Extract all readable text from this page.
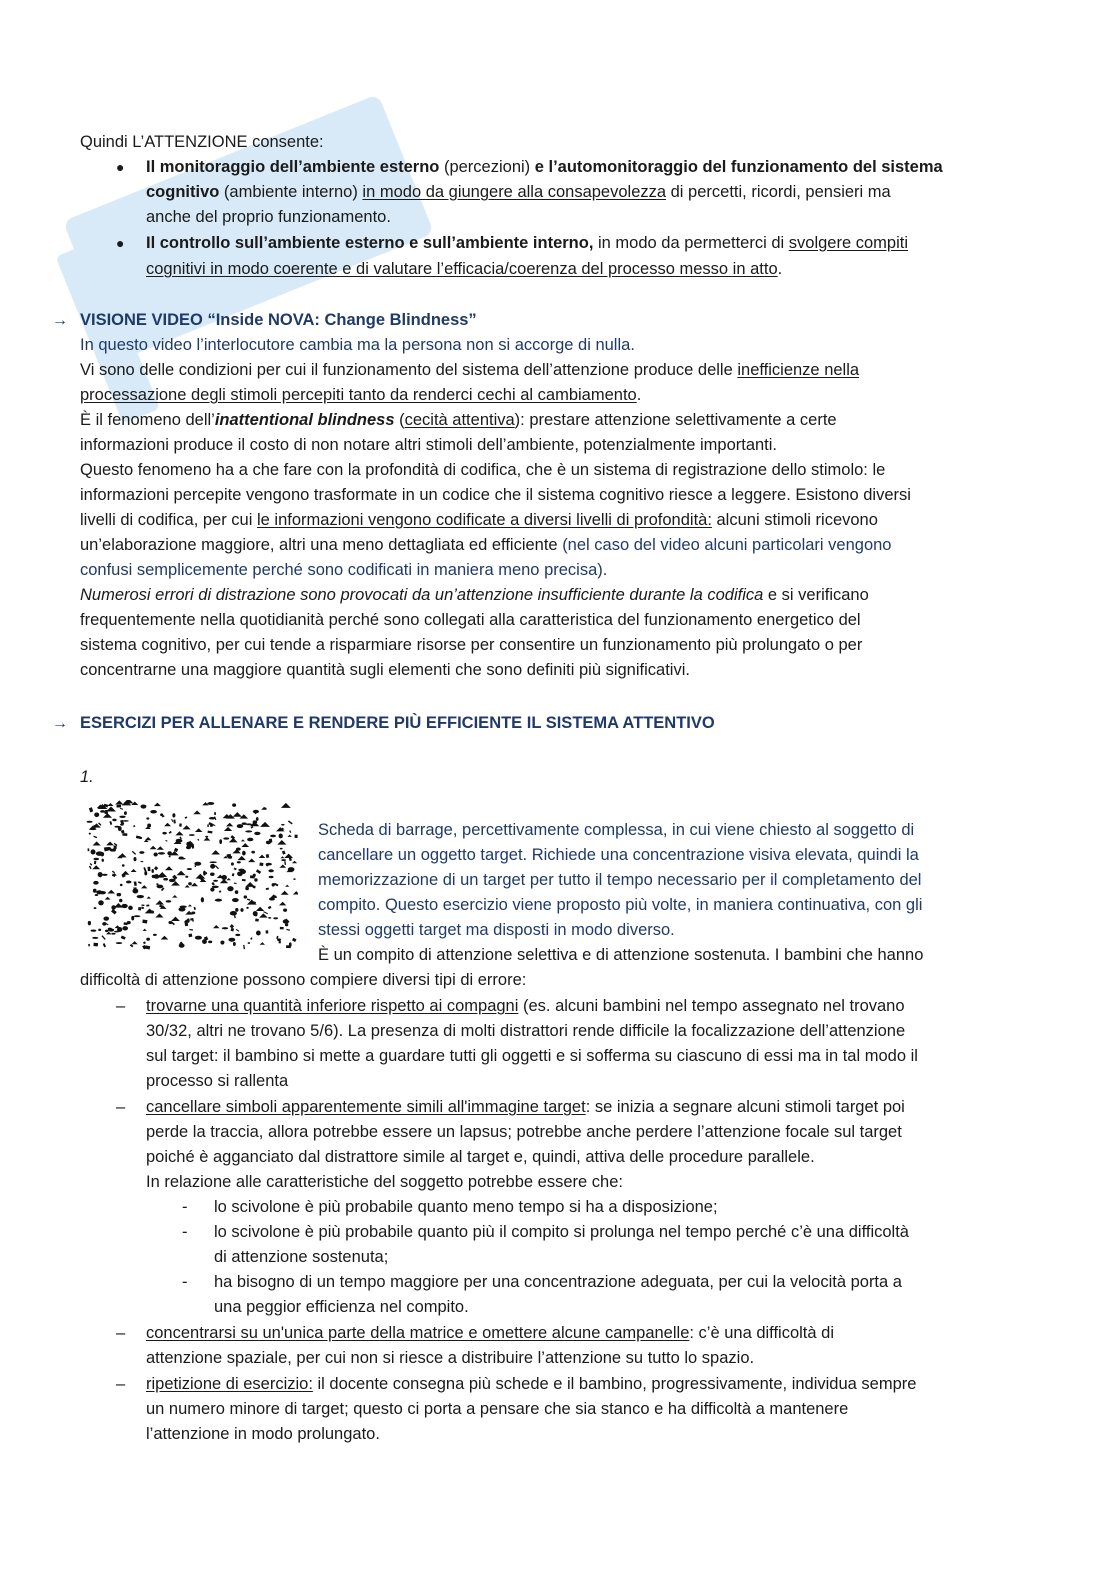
Quindi L’ATTENZIONE consente:
● Il monitoraggio dell’ambiente esterno (percezioni) e l’automonitoraggio del funzionamento del sistema
cognitivo (ambiente interno) in modo da giungere alla consapevolezza di percetti, ricordi, pensieri ma
anche del proprio funzionamento.
● Il controllo sull’ambiente esterno e sull’ambiente interno, in modo da permetterci di svolgere compiti
cognitivi in modo coerente e di valutare l’efficacia/coerenza del processo messo in atto.
→ VISIONE VIDEO “Inside NOVA: Change Blindness”
In questo video l’interlocutore cambia ma la persona non si accorge di nulla.
Vi sono delle condizioni per cui il funzionamento del sistema dell’attenzione produce delle inefficienze nella
processazione degli stimoli percepiti tanto da renderci cechi al cambiamento.
È il fenomeno dell’inattentional blindness (cecità attentiva): prestare attenzione selettivamente a certe
informazioni produce il costo di non notare altri stimoli dell’ambiente, potenzialmente importanti.
Questo fenomeno ha a che fare con la profondità di codifica, che è un sistema di registrazione dello stimolo: le
informazioni percepite vengono trasformate in un codice che il sistema cognitivo riesce a leggere. Esistono diversi
livelli di codifica, per cui le informazioni vengono codificate a diversi livelli di profondità: alcuni stimoli ricevono
un’elaborazione maggiore, altri una meno dettagliata ed efficiente (nel caso del video alcuni particolari vengono
confusi semplicemente perché sono codificati in maniera meno precisa).
Numerosi errori di distrazione sono provocati da un’attenzione insufficiente durante la codifica e si verificano
frequentemente nella quotidianità perché sono collegati alla caratteristica del funzionamento energetico del
sistema cognitivo, per cui tende a risparmiare risorse per consentire un funzionamento più prolungato o per
concentrarne una maggiore quantità sugli elementi che sono definiti più significativi.
→ ESERCIZI PER ALLENARE E RENDERE PIÙ EFFICIENTE IL SISTEMA ATTENTIVO
1.
Scheda di barrage, percettivamente complessa, in cui viene chiesto al soggetto di
cancellare un oggetto target. Richiede una concentrazione visiva elevata, quindi la
memorizzazione di un target per tutto il tempo necessario per il completamento del
compito. Questo esercizio viene proposto più volte, in maniera continuativa, con gli
stessi oggetti target ma disposti in modo diverso.
È un compito di attenzione selettiva e di attenzione sostenuta. I bambini che hanno
difficoltà di attenzione possono compiere diversi tipi di errore:
– trovarne una quantità inferiore rispetto ai compagni (es. alcuni bambini nel tempo assegnato nel trovano
30/32, altri ne trovano 5/6). La presenza di molti distrattori rende difficile la focalizzazione dell’attenzione
sul target: il bambino si mette a guardare tutti gli oggetti e si sofferma su ciascuno di essi ma in tal modo il
processo si rallenta
– cancellare simboli apparentemente simili all'immagine target: se inizia a segnare alcuni stimoli target poi
perde la traccia, allora potrebbe essere un lapsus; potrebbe anche perdere l’attenzione focale sul target
poiché è agganciato dal distrattore simile al target e, quindi, attiva delle procedure parallele.
In relazione alle caratteristiche del soggetto potrebbe essere che:
- lo scivolone è più probabile quanto meno tempo si ha a disposizione;
- lo scivolone è più probabile quanto più il compito si prolunga nel tempo perché c’è una difficoltà
di attenzione sostenuta;
- ha bisogno di un tempo maggiore per una concentrazione adeguata, per cui la velocità porta a
una peggior efficienza nel compito.
– concentrarsi su un'unica parte della matrice e omettere alcune campanelle: c’è una difficoltà di
attenzione spaziale, per cui non si riesce a distribuire l’attenzione su tutto lo spazio.
– ripetizione di esercizio: il docente consegna più schede e il bambino, progressivamente, individua sempre
un numero minore di target; questo ci porta a pensare che sia stanco e ha difficoltà a mantenere
l’attenzione in modo prolungato.
